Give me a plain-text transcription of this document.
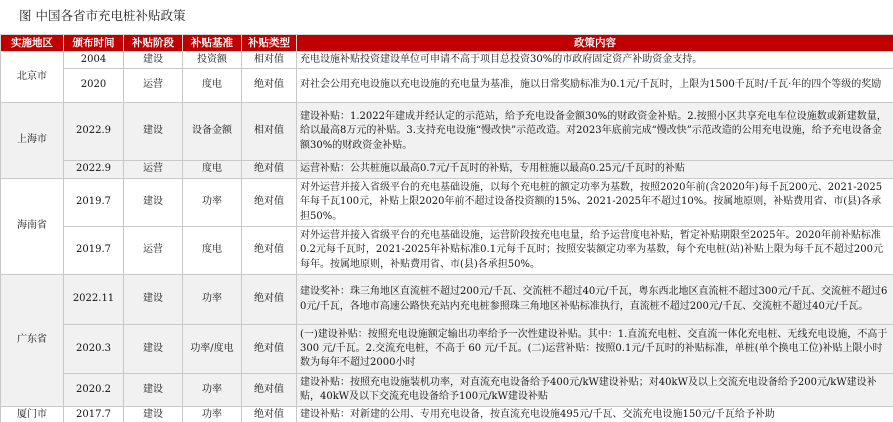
图 中国各省市充电桩补贴政策
实施地区	颁布时间	补贴阶段	补贴基准	补贴类型	政策内容
北京市	2004	建设	投资额	相对值	充电设施补贴投资建设单位可申请不高于项目总投资30%的市政府固定资产补助资金支持。
	2020	运营	度电	绝对值	对社会公用充电设施以充电设施的充电量为基准，施以日常奖励标准为0.1元/千瓦时，上限为1500千瓦时/千瓦·年的四个等级的奖励
上海市	2022.9	建设	设备金额	相对值	建设补贴：1.2022年建成并经认定的示范站，给予充电设备金额30%的财政资金补贴。2.按照小区共享充电车位设施数或新建数量，给以最高8万元的补贴。3.支持充电设施“慢改快”示范改造。对2023年底前完成“慢改快”示范改造的公用充电设施，给予充电设备金额30%的财政资金补贴。
	2022.9	运营	度电	绝对值	运营补贴：公共桩施以最高0.7元/千瓦时的补贴，专用桩施以最高0.25元/千瓦时的补贴
海南省	2019.7	建设	功率	绝对值	对外运营并接入省级平台的充电基础设施，以每个充电桩的额定功率为基数，按照2020年前(含2020年)每千瓦200元、2021-2025年每千瓦100元，补贴上限2020年前不超过设备投资额的15%、2021-2025年不超过10%。按属地原则，补贴费用省、市(县)各承担50%。
	2019.7	运营	度电	绝对值	对外运营并接入省级平台的充电基础设施，运营阶段按充电电量，给予运营度电补贴，暂定补贴期限至2025年。2020年前补贴标准0.2元每千瓦时，2021-2025年补贴标准0.1元每千瓦时；按照安装额定功率为基数，每个充电桩(站)补贴上限为每千瓦不超过200元每年。按属地原则，补贴费用省、市(县)各承担50%。
广东省	2022.11	建设	功率	绝对值	建设奖补：珠三角地区直流桩不超过200元/千瓦、交流桩不超过40元/千瓦，粤东西北地区直流桩不超过300元/千瓦、交流桩不超过60元/千瓦，各地市高速公路快充站内充电桩参照珠三角地区补贴标准执行，直流桩不超过200元/千瓦、交流桩不超过40元/千瓦。
	2020.3	建设	功率/度电	绝对值	(一)建设补贴：按照充电设施额定输出功率给予一次性建设补贴。其中：1.直流充电桩、交直流一体化充电桩、无线充电设施，不高于 300 元/千瓦。2.交流充电桩，不高于 60 元/千瓦。(二)运营补贴：按照0.1元/千瓦时的补贴标准，单桩(单个换电工位)补贴上限小时数为每年不超过2000小时
	2020.2	建设	功率	绝对值	建设补贴：按照充电设施装机功率，对直流充电设备给予400元/kW建设补贴；对40kW及以上交流充电设备给予200元/kW建设补贴，40kW及以下交流充电设备给予100元/kW建设补贴
厦门市	2017.7	建设	功率	绝对值	建设补贴：对新建的公用、专用充电设备，按直流充电设施495元/千瓦、交流充电设施150元/千瓦给予补助
